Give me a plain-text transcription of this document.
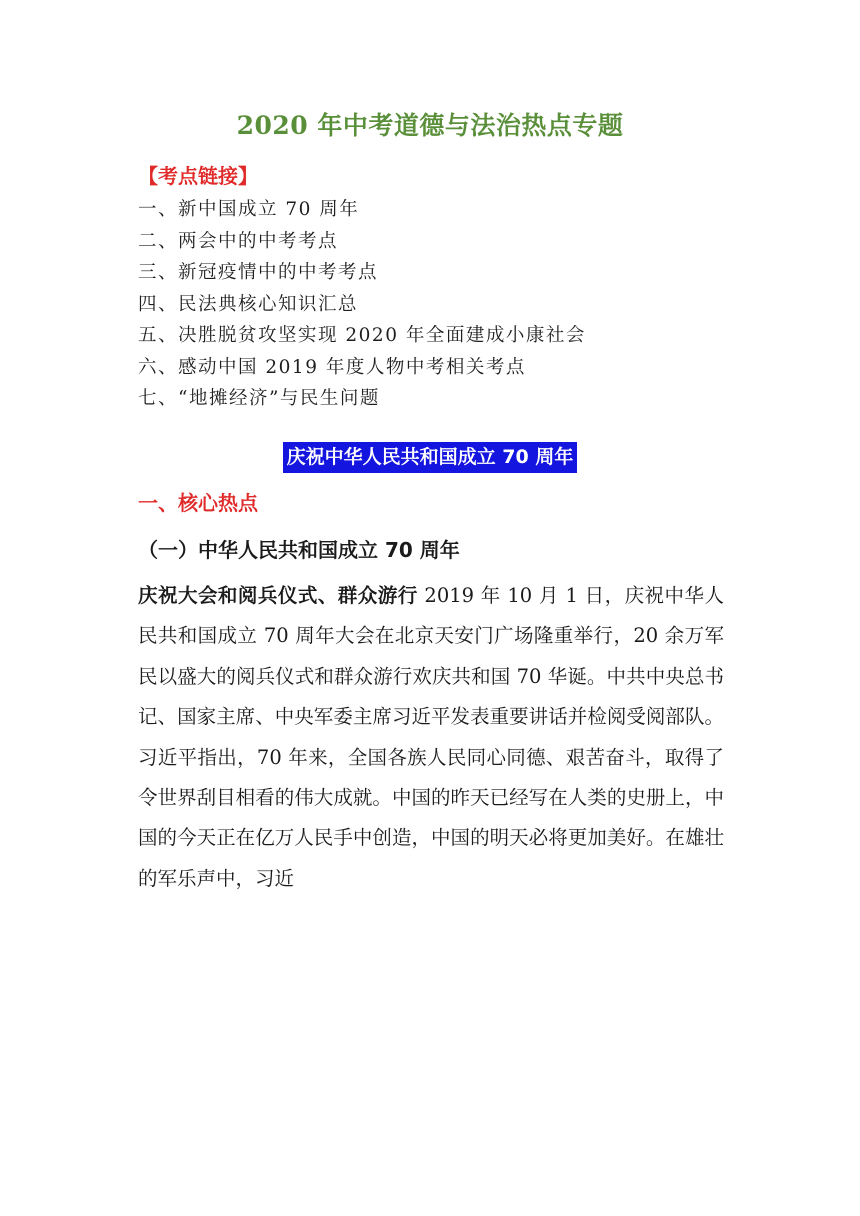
2020 年中考道德与法治热点专题
【考点链接】
一、新中国成立 70 周年
二、两会中的中考考点
三、新冠疫情中的中考考点
四、民法典核心知识汇总
五、决胜脱贫攻坚实现 2020 年全面建成小康社会
六、感动中国 2019 年度人物中考相关考点
七、“地摊经济”与民生问题
庆祝中华人民共和国成立 70 周年
一、核心热点
（一）中华人民共和国成立 70 周年

庆祝大会和阅兵仪式、群众游行 2019 年 10 月 1 日，庆祝中华人民共和国成立 70 周年大会在北京天安门广场隆重举行，20 余万军民以盛大的阅兵仪式和群众游行欢庆共和国 70 华诞。中共中央总书记、国家主席、中央军委主席习近平发表重要讲话并检阅受阅部队。习近平指出，70 年来，全国各族人民同心同德、艰苦奋斗，取得了令世界刮目相看的伟大成就。中国的昨天已经写在人类的史册上，中国的今天正在亿万人民手中创造，中国的明天必将更加美好。在雄壮的军乐声中，习近
